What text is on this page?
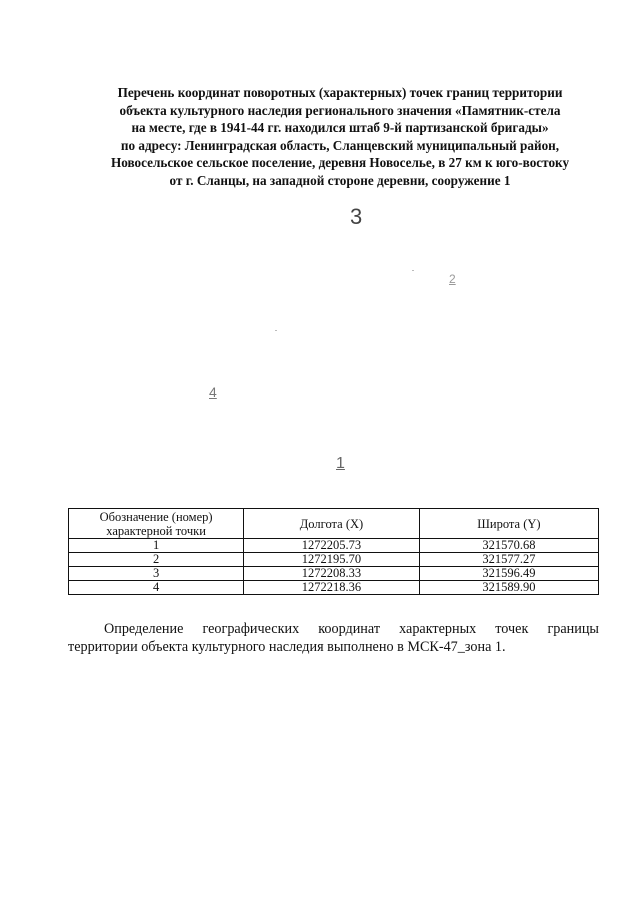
Перечень координат поворотных (характерных) точек границ территории
объекта культурного наследия регионального значения «Памятник-стела
на месте, где в 1941-44 гг. находился штаб 9-й партизанской бригады»
по адресу: Ленинградская область, Сланцевский муниципальный район,
Новосельское сельское поселение, деревня Новоселье, в 27 км к юго-востоку
от г. Сланцы, на западной стороне деревни, сооружение 1
3
2
4
1
Обозначение (номер)
характерной точки	Долгота (X)	Широта (Y)
1	1272205.73	321570.68
2	1272195.70	321577.27
3	1272208.33	321596.49
4	1272218.36	321589.90
Определение географических координат характерных точек границы
территории объекта культурного наследия выполнено в МСК-47_зона 1.
